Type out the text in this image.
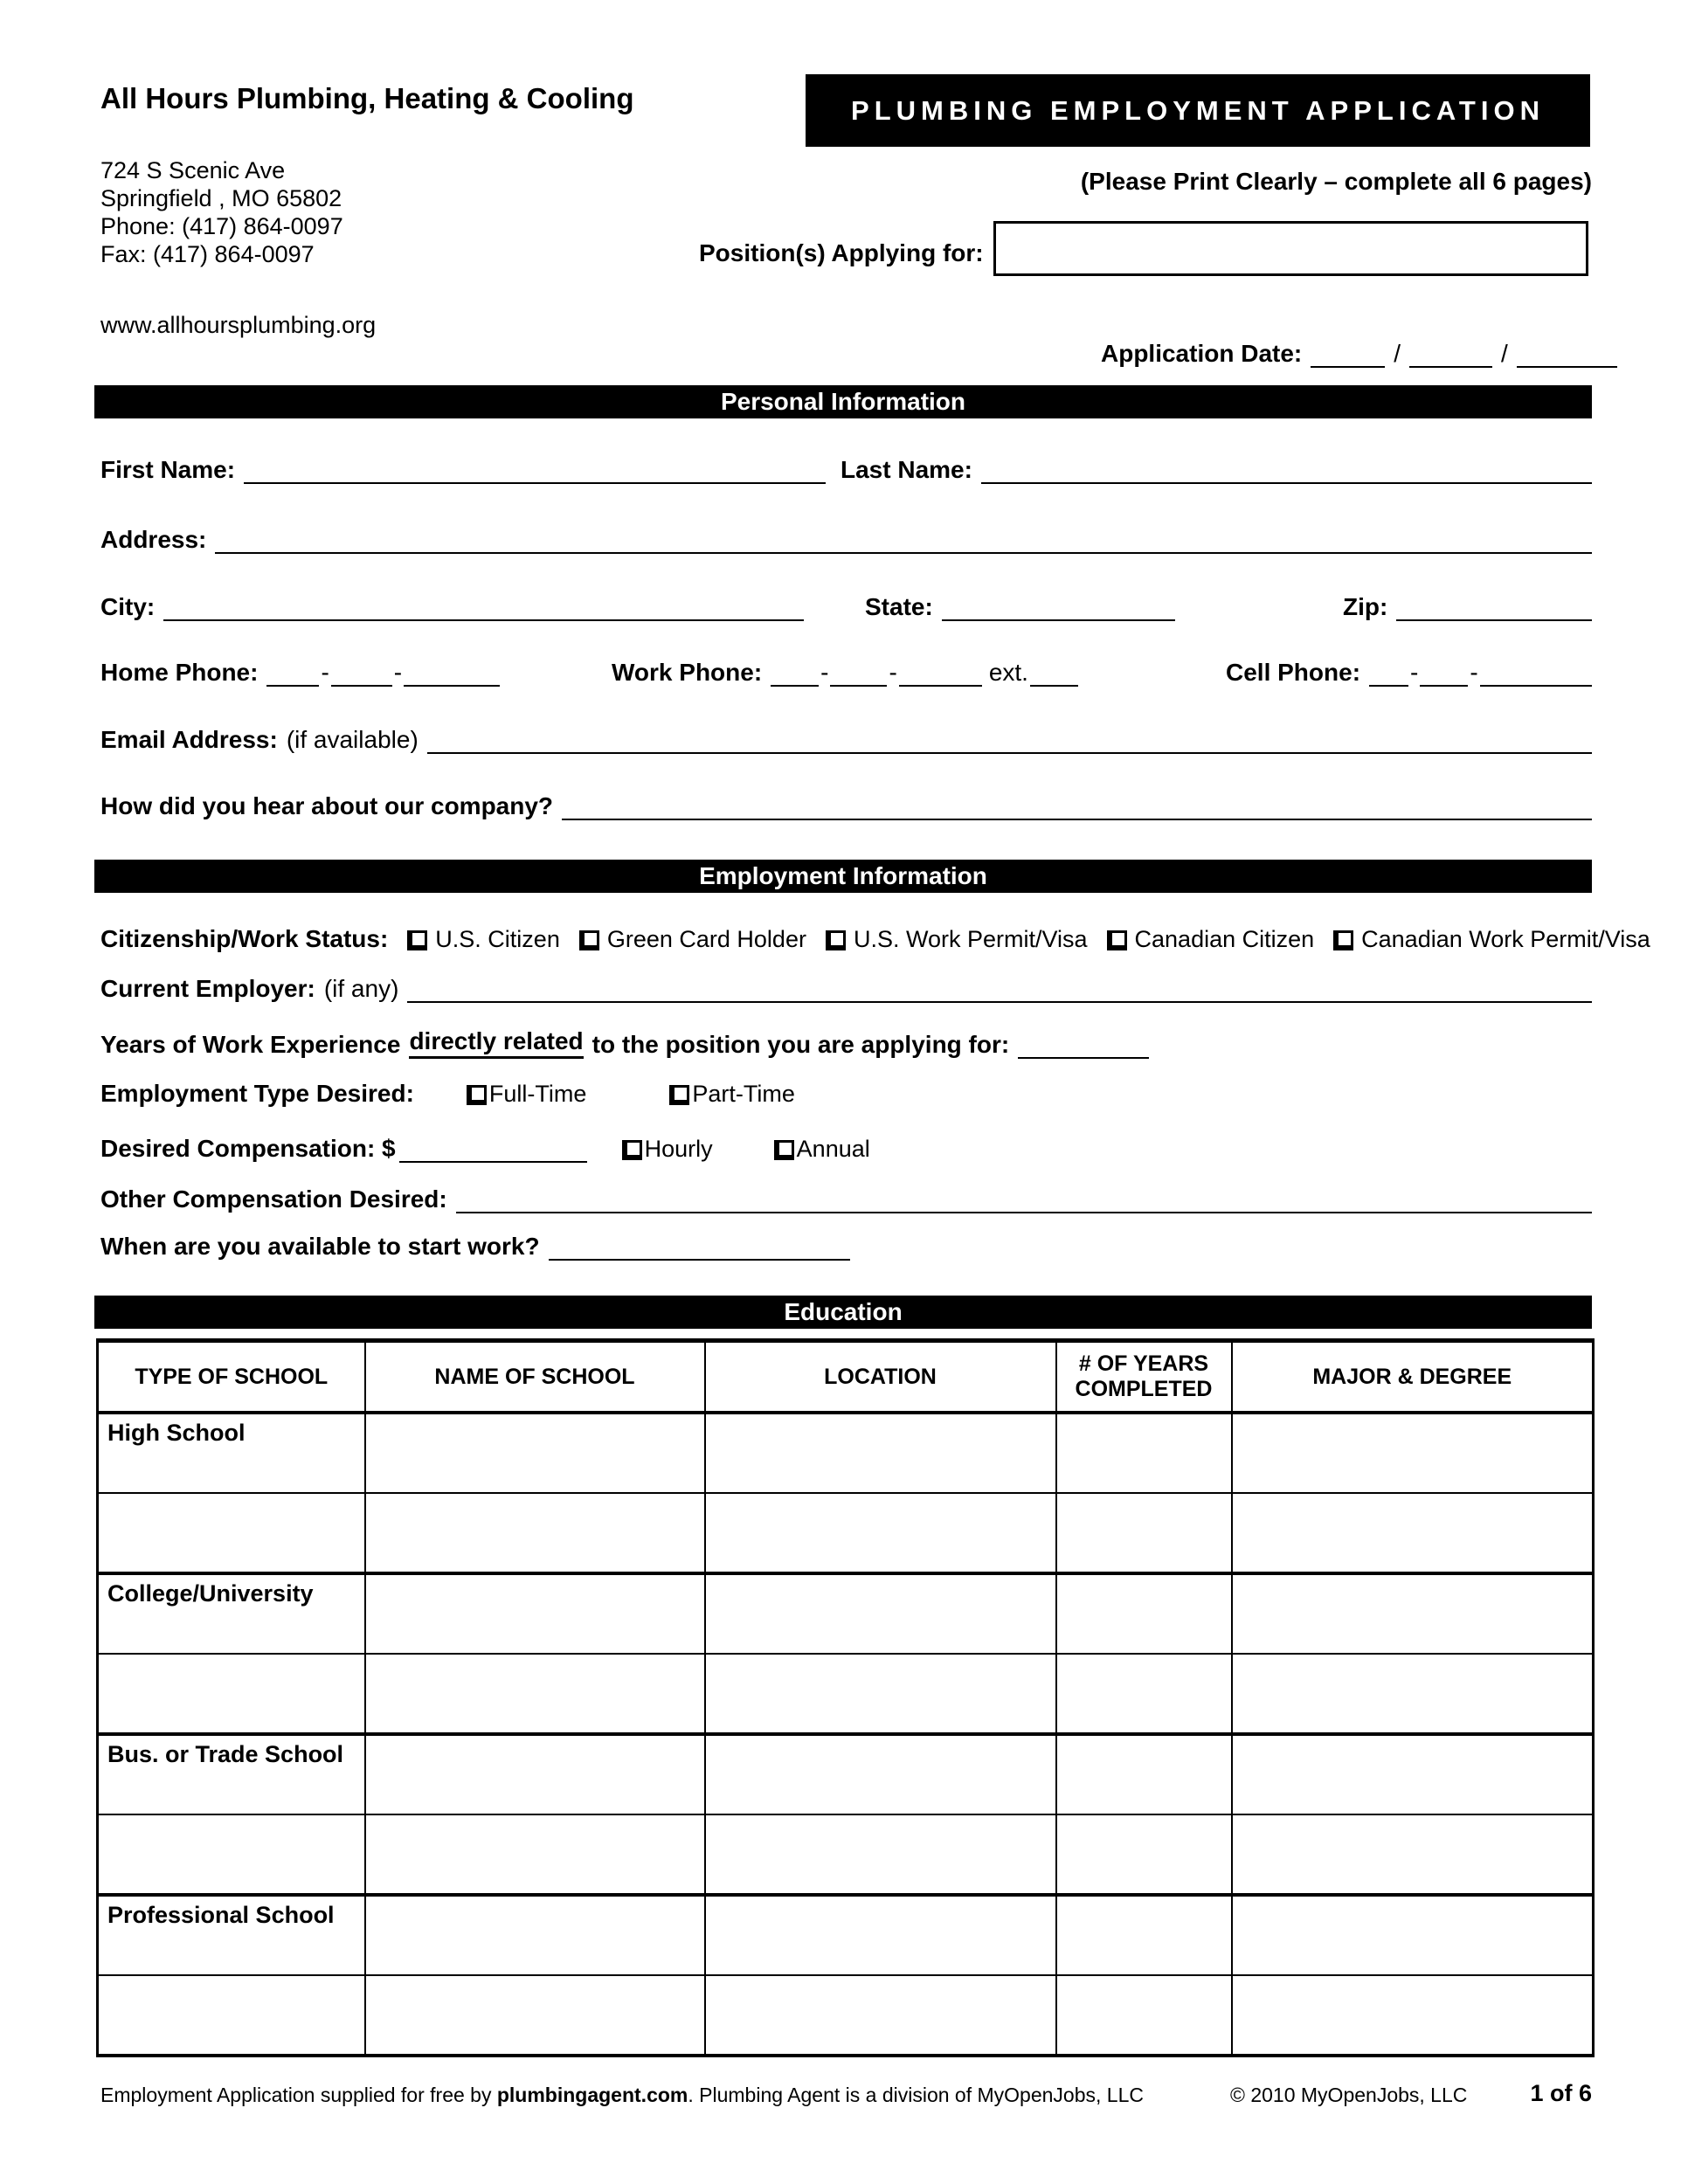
All Hours Plumbing, Heating & Cooling
724 S Scenic Ave
Springfield , MO 65802
Phone: (417) 864-0097
Fax: (417) 864-0097
PLUMBING EMPLOYMENT APPLICATION
(Please Print Clearly – complete all 6 pages)
Position(s) Applying for:
www.allhoursplumbing.org
Application Date:	/	/
Personal Information
First Name:	Last Name:
Address:
City:	State:	Zip:
Home Phone:	-	-	Work Phone: - -	ext.	Cell Phone: - -
Email Address: (if available)
How did you hear about our company?
Employment Information
Citizenship/Work Status: U.S. Citizen Green Card Holder U.S. Work Permit/Visa Canadian Citizen Canadian Work Permit/Visa
Current Employer: (if any)
Years of Work Experience directly related to the position you are applying for:
Employment Type Desired:	Full-Time	Part-Time
Desired Compensation: $	Hourly	Annual
Other Compensation Desired:
When are you available to start work?
Education
TYPE OF SCHOOL	NAME OF SCHOOL	LOCATION	# OF YEARS COMPLETED	MAJOR & DEGREE
High School				

College/University				

Bus. or Trade School				

Professional School				

Employment Application supplied for free by plumbingagent.com. Plumbing Agent is a division of MyOpenJobs, LLC	© 2010 MyOpenJobs, LLC	1 of 6
